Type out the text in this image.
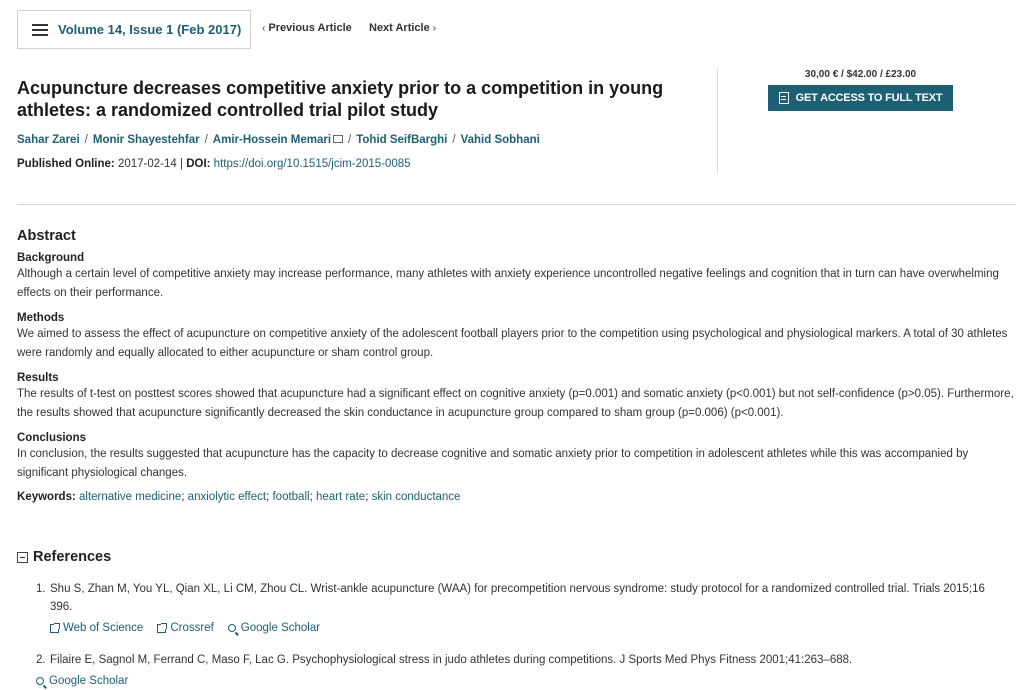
Volume 14, Issue 1 (Feb 2017) ‹ Previous Article Next Article ›
Acupuncture decreases competitive anxiety prior to a competition in young athletes: a randomized controlled trial pilot study
Sahar Zarei / Monir Shayestehfar / Amir-Hossein Memari / Tohid SeifBarghi / Vahid Sobhani
Published Online: 2017-02-14 | DOI: https://doi.org/10.1515/jcim-2015-0085
30,00 € / $42.00 / £23.00
GET ACCESS TO FULL TEXT
Abstract
Background

Although a certain level of competitive anxiety may increase performance, many athletes with anxiety experience uncontrolled negative feelings and cognition that in turn can have overwhelming effects on their performance.

Methods

We aimed to assess the effect of acupuncture on competitive anxiety of the adolescent football players prior to the competition using psychological and physiological markers. A total of 30 athletes were randomly and equally allocated to either acupuncture or sham control group.

Results

The results of t-test on posttest scores showed that acupuncture had a significant effect on cognitive anxiety (p=0.001) and somatic anxiety (p<0.001) but not self-confidence (p>0.05). Furthermore, the results showed that acupuncture significantly decreased the skin conductance in acupuncture group compared to sham group (p=0.006) (p<0.001).

Conclusions

In conclusion, the results suggested that acupuncture has the capacity to decrease cognitive and somatic anxiety prior to competition in adolescent athletes while this was accompanied by significant physiological changes.

Keywords: alternative medicine; anxiolytic effect; football; heart rate; skin conductance
References
1. Shu S, Zhan M, You YL, Qian XL, Li CM, Zhou CL. Wrist-ankle acupuncture (WAA) for precompetition nervous syndrome: study protocol for a randomized controlled trial. Trials 2015;16 396.
Web of Science Crossref Google Scholar
2. Filaire E, Sagnol M, Ferrand C, Maso F, Lac G. Psychophysiological stress in judo athletes during competitions. J Sports Med Phys Fitness 2001;41:263–688.
Google Scholar
